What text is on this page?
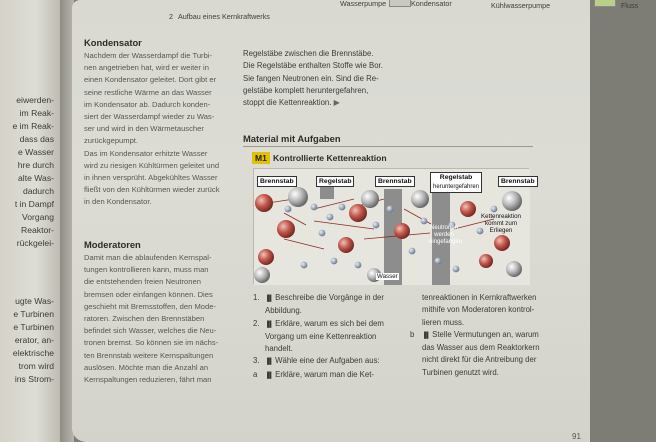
eiwerden-
im Reak-
e im Reak-
dass das
e Wasser
hre durch
alte Was-
dadurch
t in Dampf
Vorgang
Reaktor-
rückgelei-
ugte Was-
e Turbinen
e Turbinen
erator, an-
elektrische
trom wird
ins Strom-
2 Aufbau eines Kernkraftwerks
Wasserpumpe	Kondensator	Kühlwasserpumpe	Fluss
Kondensator
Nachdem der Wasserdampf die Turbi-
nen angetrieben hat, wird er weiter in
einen Kondensator geleitet. Dort gibt er
seine restliche Wärme an das Wasser
im Kondensator ab. Dadurch konden-
siert der Wasserdampf wieder zu Was-
ser und wird in den Wärmetauscher
zurückgepumpt.
Das im Kondensator erhitzte Wasser
wird zu riesigen Kühltürmen geleitet und
in ihnen versprüht. Abgekühltes Wasser
fließt von den Kühltürmen wieder zurück
in den Kondensator.
Moderatoren
Damit man die ablaufenden Kernspal-
tungen kontrollieren kann, muss man
die entstehenden freien Neutronen
bremsen oder einfangen können. Dies
geschieht mit Bremsstoffen, den Mode-
ratoren. Zwischen den Brennstäben
befindet sich Wasser, welches die Neu-
tronen bremst. So können sie im nächs-
ten Brennstab weitere Kernspaltungen
auslösen. Möchte man die Anzahl an
Kernspaltungen reduzieren, fährt man
Regelstäbe zwischen die Brennstäbe.
Die Regelstäbe enthalten Stoffe wie Bor.
Sie fangen Neutronen ein. Sind die Re-
gelstäbe komplett heruntergefahren,
stoppt die Kettenreaktion. ▶
Material mit Aufgaben
M1 Kontrollierte Kettenreaktion
Brennstab	Regelstab	Brennstab
Regelstab
heruntergefahren
Brennstab
Neutronen werden eingefangen
Kettenreaktion kommt zum Erliegen
Wasser
1. ▐▌ Beschreibe die Vorgänge in der
Abbildung.
2. ▐▌ Erkläre, warum es sich bei dem
Vorgang um eine Kettenreaktion
handelt.
3. ▐▌ Wähle eine der Aufgaben aus:
a ▐▌ Erkläre, warum man die Ket-
tenreaktionen in Kernkraftwerken
mithife von Moderatoren kontrol-
lieren muss.
b ▐▌ Stelle Vermutungen an, warum
das Wasser aus dem Reaktorkern
nicht direkt für die Antreibung der
Turbinen genutzt wird.
91
